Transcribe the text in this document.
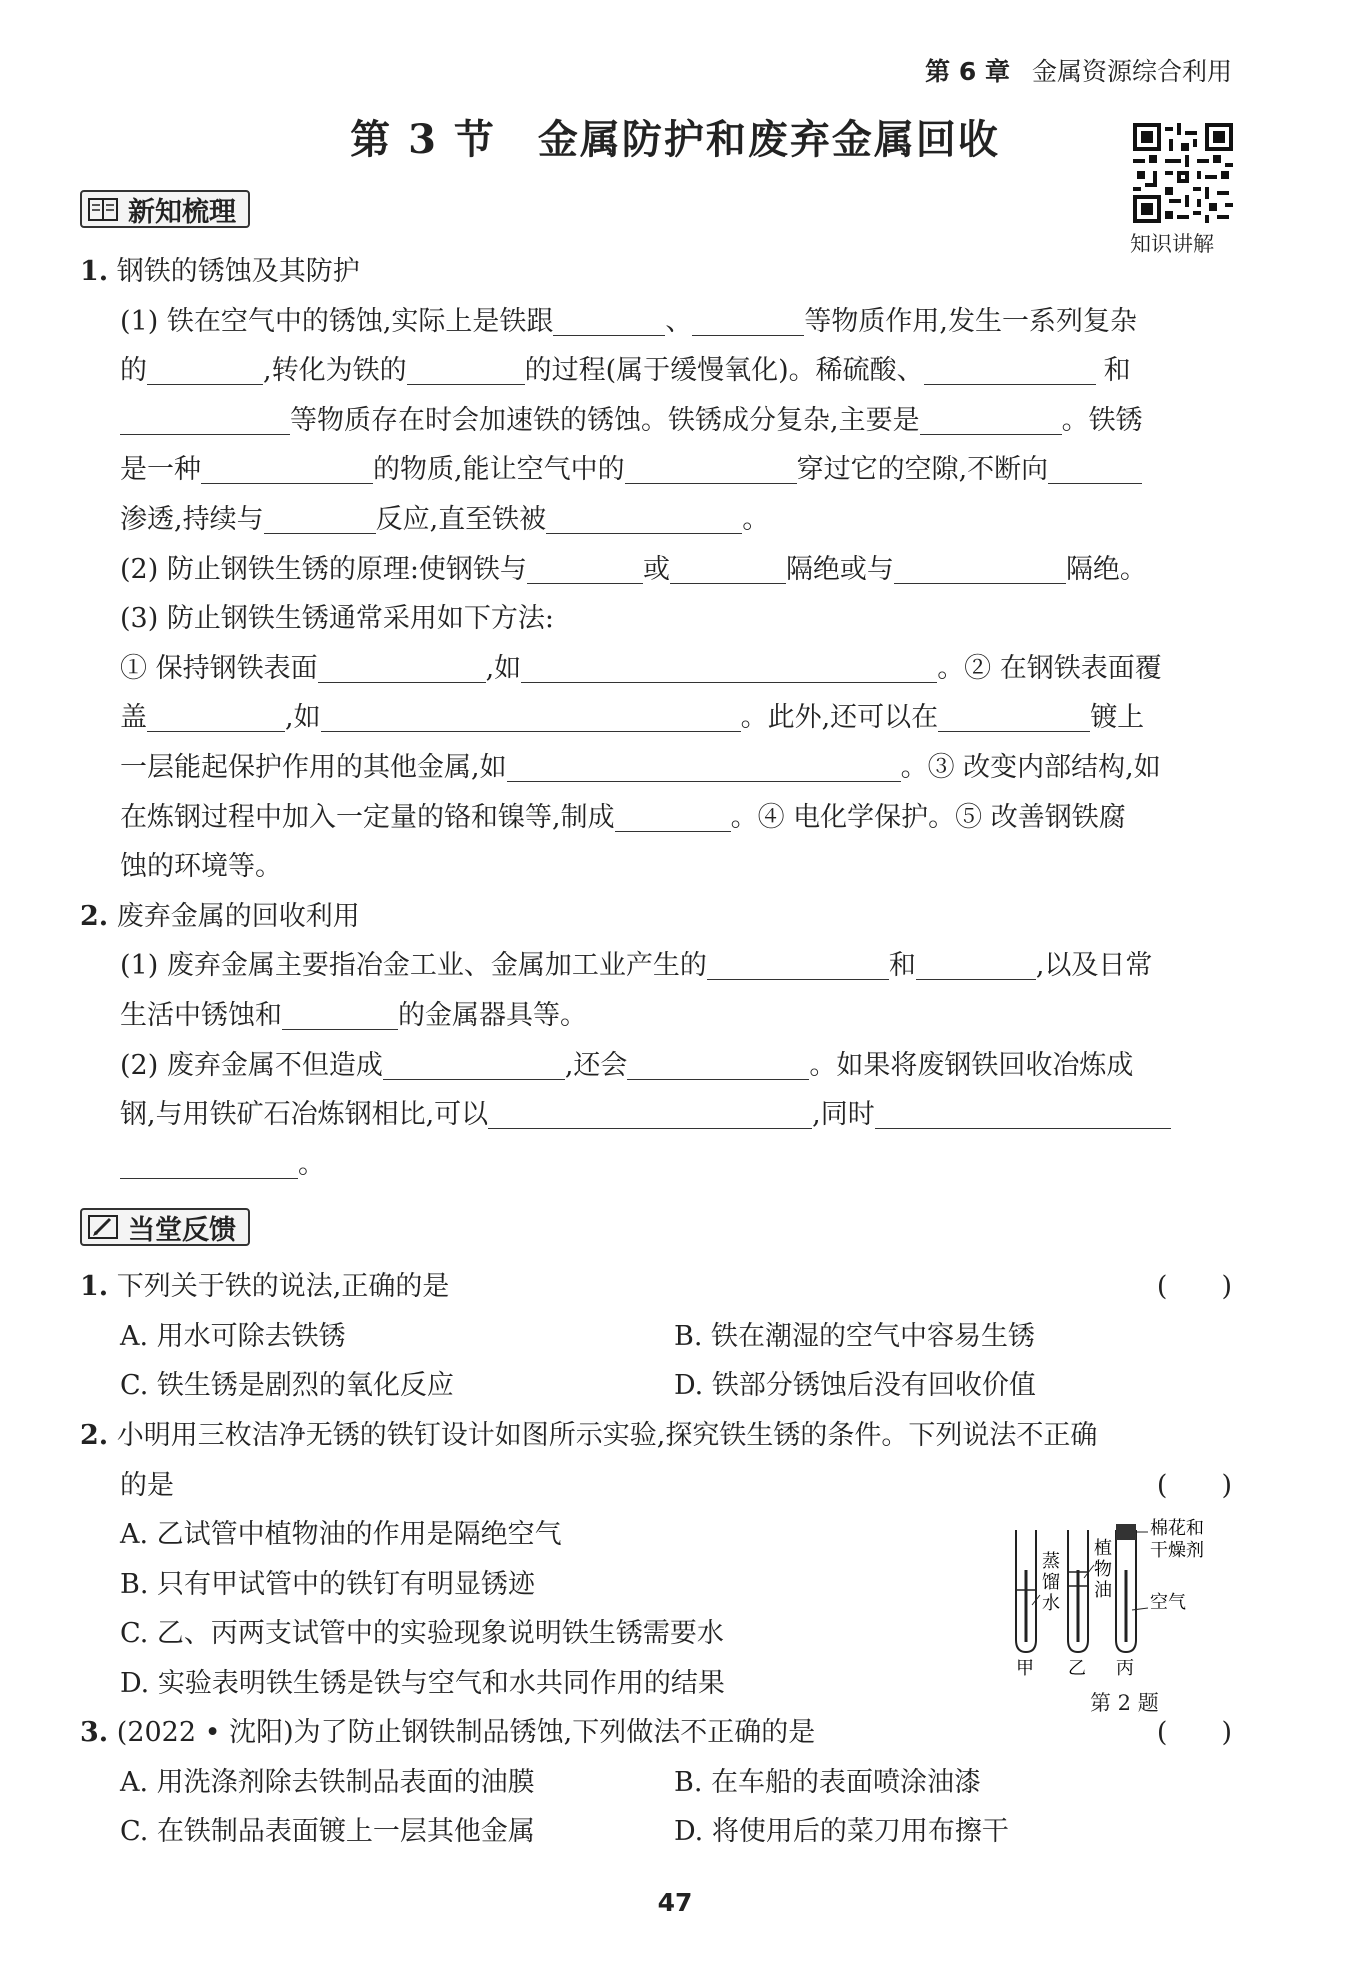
第 6 章 金属资源综合利用
第 3 节　金属防护和废弃金属回收
知识讲解
新知梳理

1. 钢铁的锈蚀及其防护

(1) 铁在空气中的锈蚀,实际上是铁跟	、	等物质作用,发生一系列复杂

的	,转化为铁的	的过程(属于缓慢氧化)。稀硫酸、	和

等物质存在时会加速铁的锈蚀。铁锈成分复杂,主要是	。铁锈

是一种	的物质,能让空气中的	穿过它的空隙,不断向

渗透,持续与	反应,直至铁被	。

(2) 防止钢铁生锈的原理:使钢铁与	或	隔绝或与	隔绝。

(3) 防止钢铁生锈通常采用如下方法:

① 保持钢铁表面	,如	。② 在钢铁表面覆

盖	,如	。此外,还可以在	镀上

一层能起保护作用的其他金属,如	。③ 改变内部结构,如

在炼钢过程中加入一定量的铬和镍等,制成	。④ 电化学保护。⑤ 改善钢铁腐

蚀的环境等。

2. 废弃金属的回收利用

(1) 废弃金属主要指冶金工业、金属加工业产生的	和	,以及日常

生活中锈蚀和	的金属器具等。

(2) 废弃金属不但造成	,还会	。如果将废钢铁回收冶炼成

钢,与用铁矿石冶炼钢相比,可以	,同时

。

当堂反馈
1. 下列关于铁的说法,正确的是	(　　)
A. 用水可除去铁锈	B. 铁在潮湿的空气中容易生锈
C. 铁生锈是剧烈的氧化反应	D. 铁部分锈蚀后没有回收价值
2. 小明用三枚洁净无锈的铁钉设计如图所示实验,探究铁生锈的条件。下列说法不正确
的是	(　　)
A. 乙试管中植物油的作用是隔绝空气
B. 只有甲试管中的铁钉有明显锈迹
C. 乙、丙两支试管中的实验现象说明铁生锈需要水
D. 实验表明铁生锈是铁与空气和水共同作用的结果
蒸
馏
水
植
物
油
棉花和
干燥剂
空气
甲 乙 丙
第 2 题
3. (2022 • 沈阳)为了防止钢铁制品锈蚀,下列做法不正确的是	(　　)
A. 用洗涤剂除去铁制品表面的油膜	B. 在车船的表面喷涂油漆
C. 在铁制品表面镀上一层其他金属	D. 将使用后的菜刀用布擦干
47
